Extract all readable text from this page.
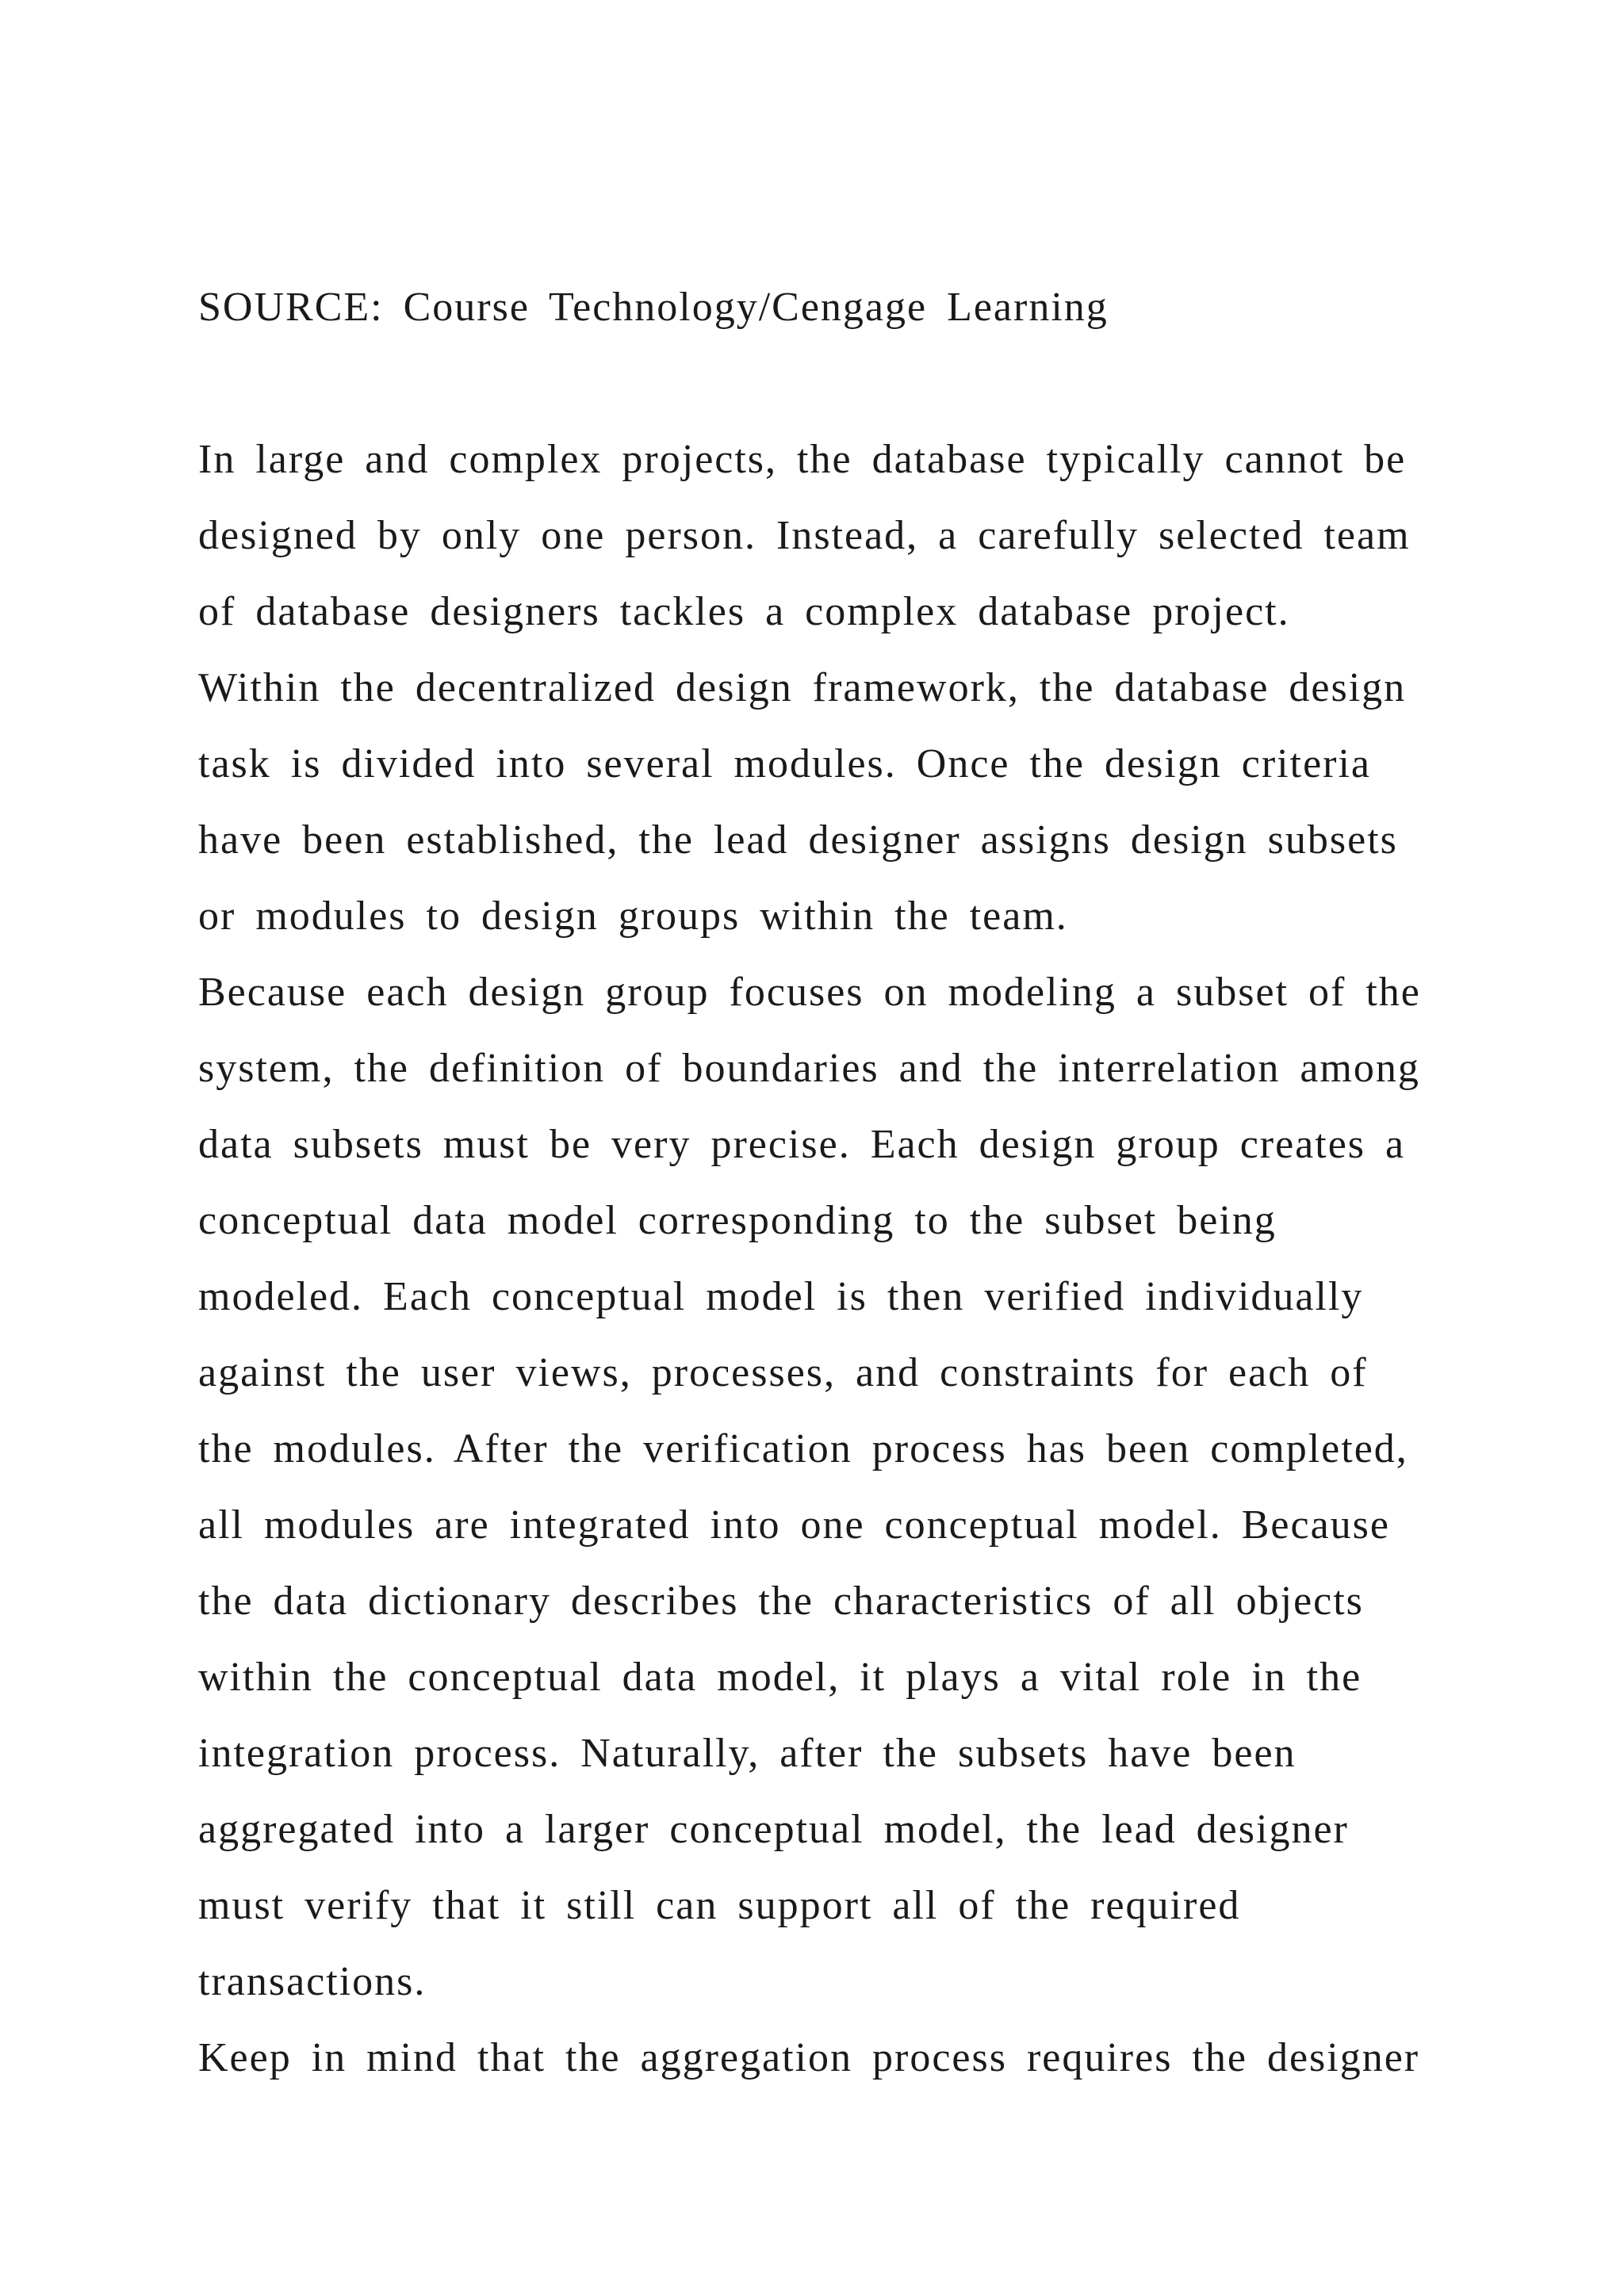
SOURCE: Course Technology/Cengage Learning

In large and complex projects, the database typically cannot be

designed by only one person. Instead, a carefully selected team

of database designers tackles a complex database project.

Within the decentralized design framework, the database design

task is divided into several modules. Once the design criteria

have been established, the lead designer assigns design subsets

or modules to design groups within the team.

Because each design group focuses on modeling a subset of the

system, the definition of boundaries and the interrelation among

data subsets must be very precise. Each design group creates a

conceptual data model corresponding to the subset being

modeled. Each conceptual model is then verified individually

against the user views, processes, and constraints for each of

the modules. After the verification process has been completed,

all modules are integrated into one conceptual model. Because

the data dictionary describes the characteristics of all objects

within the conceptual data model, it plays a vital role in the

integration process. Naturally, after the subsets have been

aggregated into a larger conceptual model, the lead designer

must verify that it still can support all of the required

transactions.

Keep in mind that the aggregation process requires the designer
